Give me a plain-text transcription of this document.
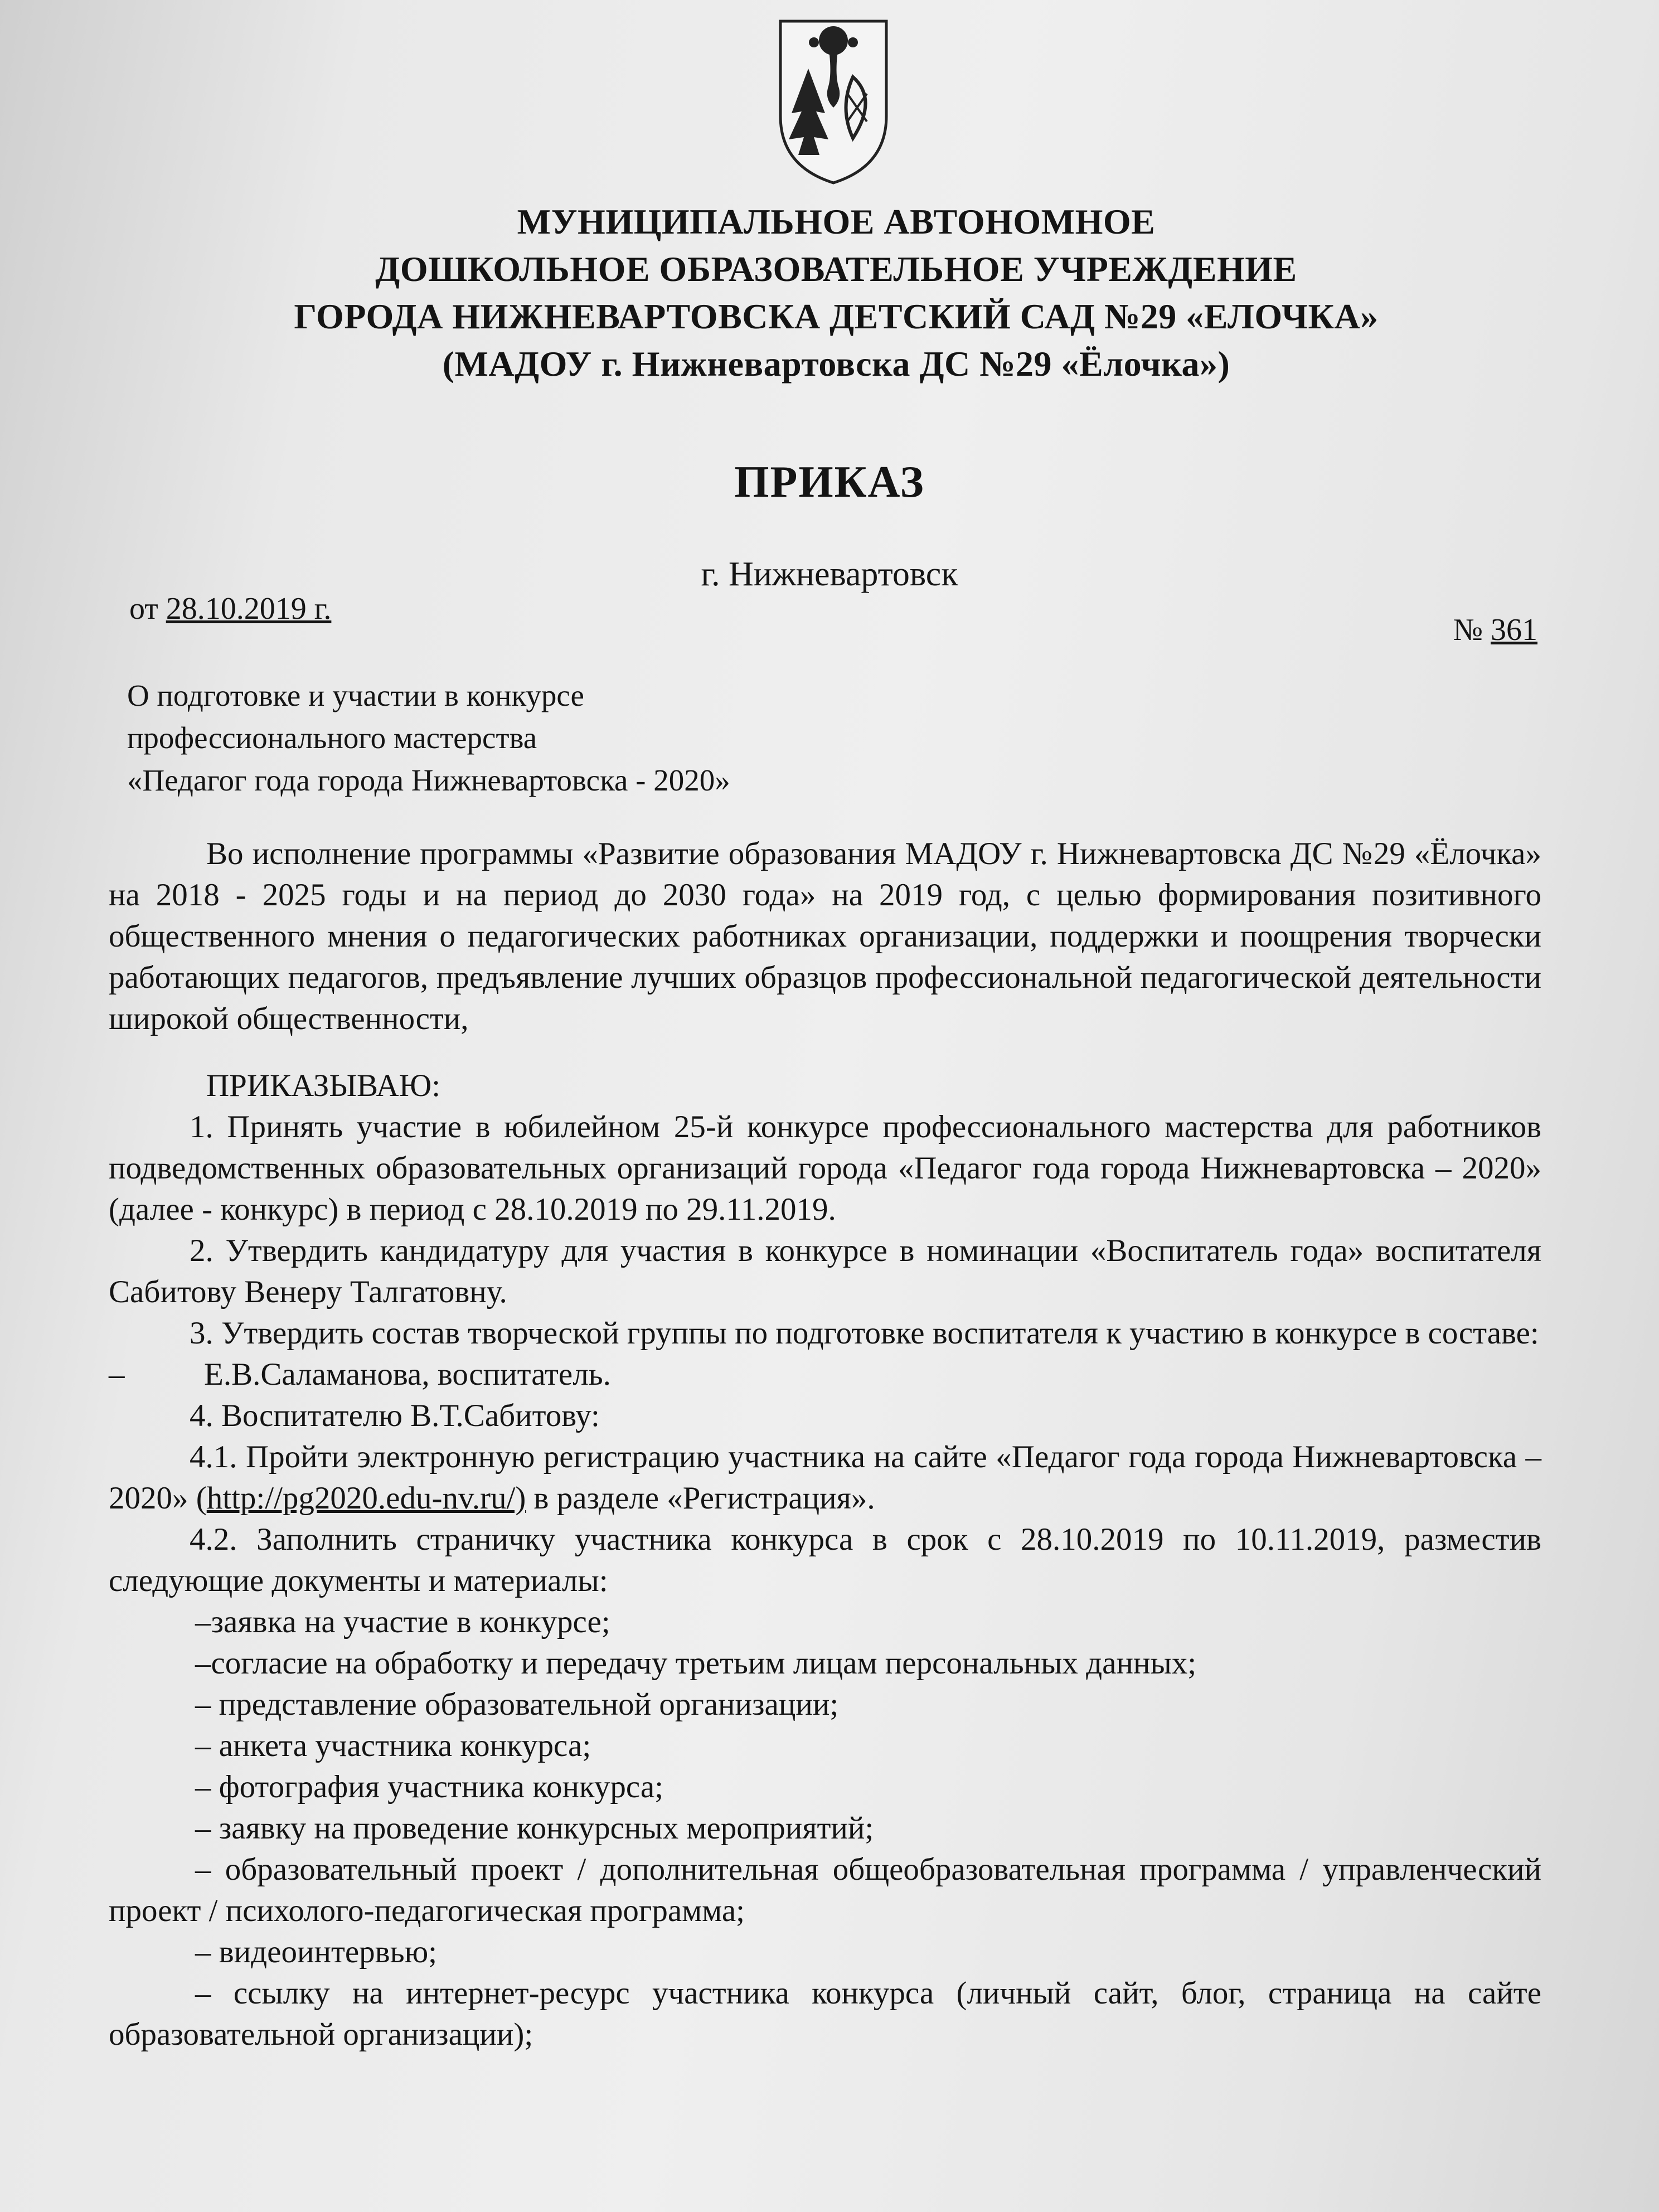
МУНИЦИПАЛЬНОЕ АВТОНОМНОЕ
ДОШКОЛЬНОЕ ОБРАЗОВАТЕЛЬНОЕ УЧРЕЖДЕНИЕ
ГОРОДА НИЖНЕВАРТОВСКА ДЕТСКИЙ САД №29 «ЕЛОЧКА»
(МАДОУ г. Нижневартовска ДС №29 «Ёлочка»)
ПРИКАЗ
г. Нижневартовск
от 28.10.2019 г.
№ 361
О подготовке и участии в конкурсе
профессионального мастерства
«Педагог года города Нижневартовска - 2020»

Во исполнение программы «Развитие образования МАДОУ г. Нижневартовска ДС №29 «Ёлочка» на 2018 - 2025 годы и на период до 2030 года» на 2019 год, с целью формирования позитивного общественного мнения о педагогических работниках организации, поддержки и поощрения творчески работающих педагогов, предъявление лучших образцов профессиональной педагогической деятельности широкой общественности,

ПРИКАЗЫВАЮ:

1. Принять участие в юбилейном 25-й конкурсе профессионального мастерства для работников подведомственных образовательных организаций города «Педагог года города Нижневартовска – 2020» (далее - конкурс) в период с 28.10.2019 по 29.11.2019.

2. Утвердить кандидатуру для участия в конкурсе в номинации «Воспитатель года» воспитателя Сабитову Венеру Талгатовну.

3. Утвердить состав творческой группы по подготовке воспитателя к участию в конкурсе в составе:

–          Е.В.Саламанова, воспитатель.

4. Воспитателю В.Т.Сабитову:

4.1. Пройти электронную регистрацию участника на сайте «Педагог года города Нижневартовска – 2020» (http://pg2020.edu-nv.ru/) в разделе «Регистрация».

4.2. Заполнить страничку участника конкурса в срок с 28.10.2019 по 10.11.2019, разместив следующие документы и материалы:

–заявка на участие в конкурсе;

–согласие на обработку и передачу третьим лицам персональных данных;

– представление образовательной организации;

– анкета участника конкурса;

– фотография участника конкурса;

– заявку на проведение конкурсных мероприятий;

– образовательный проект / дополнительная общеобразовательная программа / управленческий проект / психолого-педагогическая программа;

– видеоинтервью;

– ссылку на интернет-ресурс участника конкурса (личный сайт, блог, страница на сайте образовательной организации);
